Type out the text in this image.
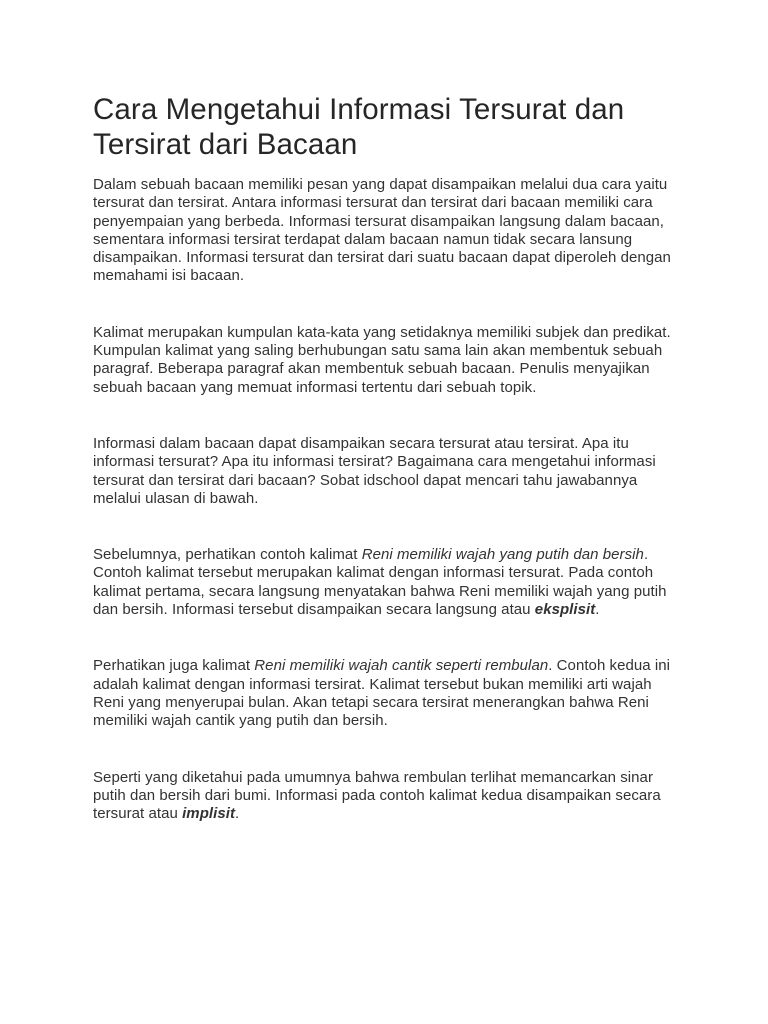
Cara Mengetahui Informasi Tersurat dan Tersirat dari Bacaan

Dalam sebuah bacaan memiliki pesan yang dapat disampaikan melalui dua cara yaitu tersurat dan tersirat. Antara informasi tersurat dan tersirat dari bacaan memiliki cara penyempaian yang berbeda. Informasi tersurat disampaikan langsung dalam bacaan, sementara informasi tersirat terdapat dalam bacaan namun tidak secara lansung disampaikan. Informasi tersurat dan tersirat dari suatu bacaan dapat diperoleh dengan memahami isi bacaan.

Kalimat merupakan kumpulan kata-kata yang setidaknya memiliki subjek dan predikat. Kumpulan kalimat yang saling berhubungan satu sama lain akan membentuk sebuah paragraf. Beberapa paragraf akan membentuk sebuah bacaan. Penulis menyajikan sebuah bacaan yang memuat informasi tertentu dari sebuah topik.

Informasi dalam bacaan dapat disampaikan secara tersurat atau tersirat. Apa itu informasi tersurat? Apa itu informasi tersirat? Bagaimana cara mengetahui informasi tersurat dan tersirat dari bacaan? Sobat idschool dapat mencari tahu jawabannya melalui ulasan di bawah.

Sebelumnya, perhatikan contoh kalimat Reni memiliki wajah yang putih dan bersih. Contoh kalimat tersebut merupakan kalimat dengan informasi tersurat. Pada contoh kalimat pertama, secara langsung menyatakan bahwa Reni memiliki wajah yang putih dan bersih. Informasi tersebut disampaikan secara langsung atau eksplisit.

Perhatikan juga kalimat Reni memiliki wajah cantik seperti rembulan. Contoh kedua ini adalah kalimat dengan informasi tersirat. Kalimat tersebut bukan memiliki arti wajah Reni yang menyerupai bulan. Akan tetapi secara tersirat menerangkan bahwa Reni memiliki wajah cantik yang putih dan bersih.

Seperti yang diketahui pada umumnya bahwa rembulan terlihat memancarkan sinar putih dan bersih dari bumi. Informasi pada contoh kalimat kedua disampaikan secara tersurat atau implisit.
